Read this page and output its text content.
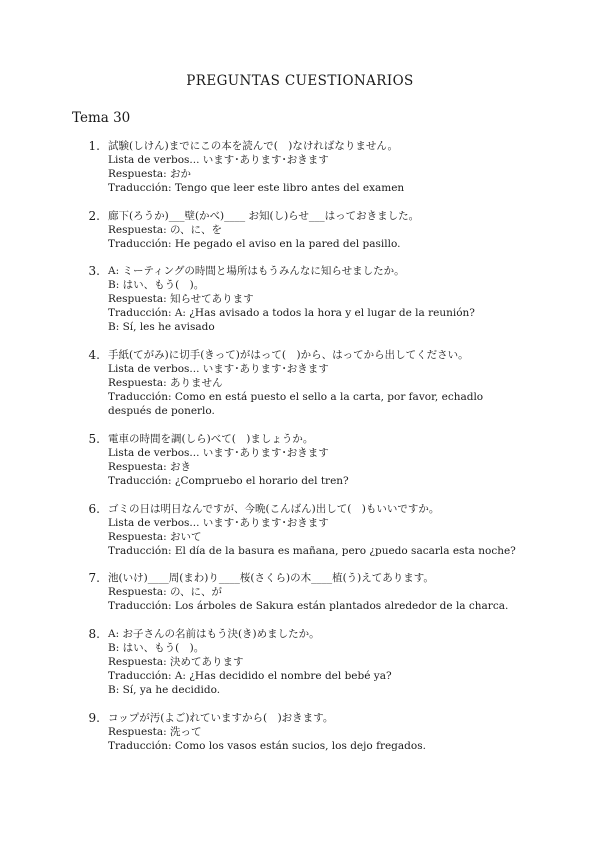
PREGUNTAS CUESTIONARIOS
Tema 30
1. 試験(しけん)までにこの本を読んで(　)なければなりません。
Lista de verbos... います･あります･おきます
Respuesta: おか
Traducción: Tengo que leer este libro antes del examen
2. 廊下(ろうか)___壁(かべ)____ お知(し)らせ___はっておきました。
Respuesta: の、に、を
Traducción: He pegado el aviso en la pared del pasillo.
3. A: ミーティングの時間と場所はもうみんなに知らせましたか。
B: はい、もう(　)。
Respuesta: 知らせてあります
Traducción: A: ¿Has avisado a todos la hora y el lugar de la reunión?
B: Sí, les he avisado
4. 手紙(てがみ)に切手(きって)がはって(　)から、はってから出してください。
Lista de verbos... います･あります･おきます
Respuesta: ありません
Traducción: Como en está puesto el sello a la carta, por favor, echadlo después de ponerlo.
5. 電車の時間を調(しら)べて(　)ましょうか。
Lista de verbos... います･あります･おきます
Respuesta: おき
Traducción: ¿Compruebo el horario del tren?
6. ゴミの日は明日なんですが、今晩(こんばん)出して(　)もいいですか。
Lista de verbos... います･あります･おきます
Respuesta: おいて
Traducción: El día de la basura es mañana, pero ¿puedo sacarla esta noche?
7. 池(いけ)____周(まわ)り____桜(さくら)の木____植(う)えてあります。
Respuesta: の、に、が
Traducción: Los árboles de Sakura están plantados alrededor de la charca.
8. A: お子さんの名前はもう決(き)めましたか。
B: はい、もう(　)。
Respuesta: 決めてあります
Traducción: A: ¿Has decidido el nombre del bebé ya?
B: Sí, ya he decidido.
9. コップが汚(よご)れていますから(　)おきます。
Respuesta: 洗って
Traducción: Como los vasos están sucios, los dejo fregados.
